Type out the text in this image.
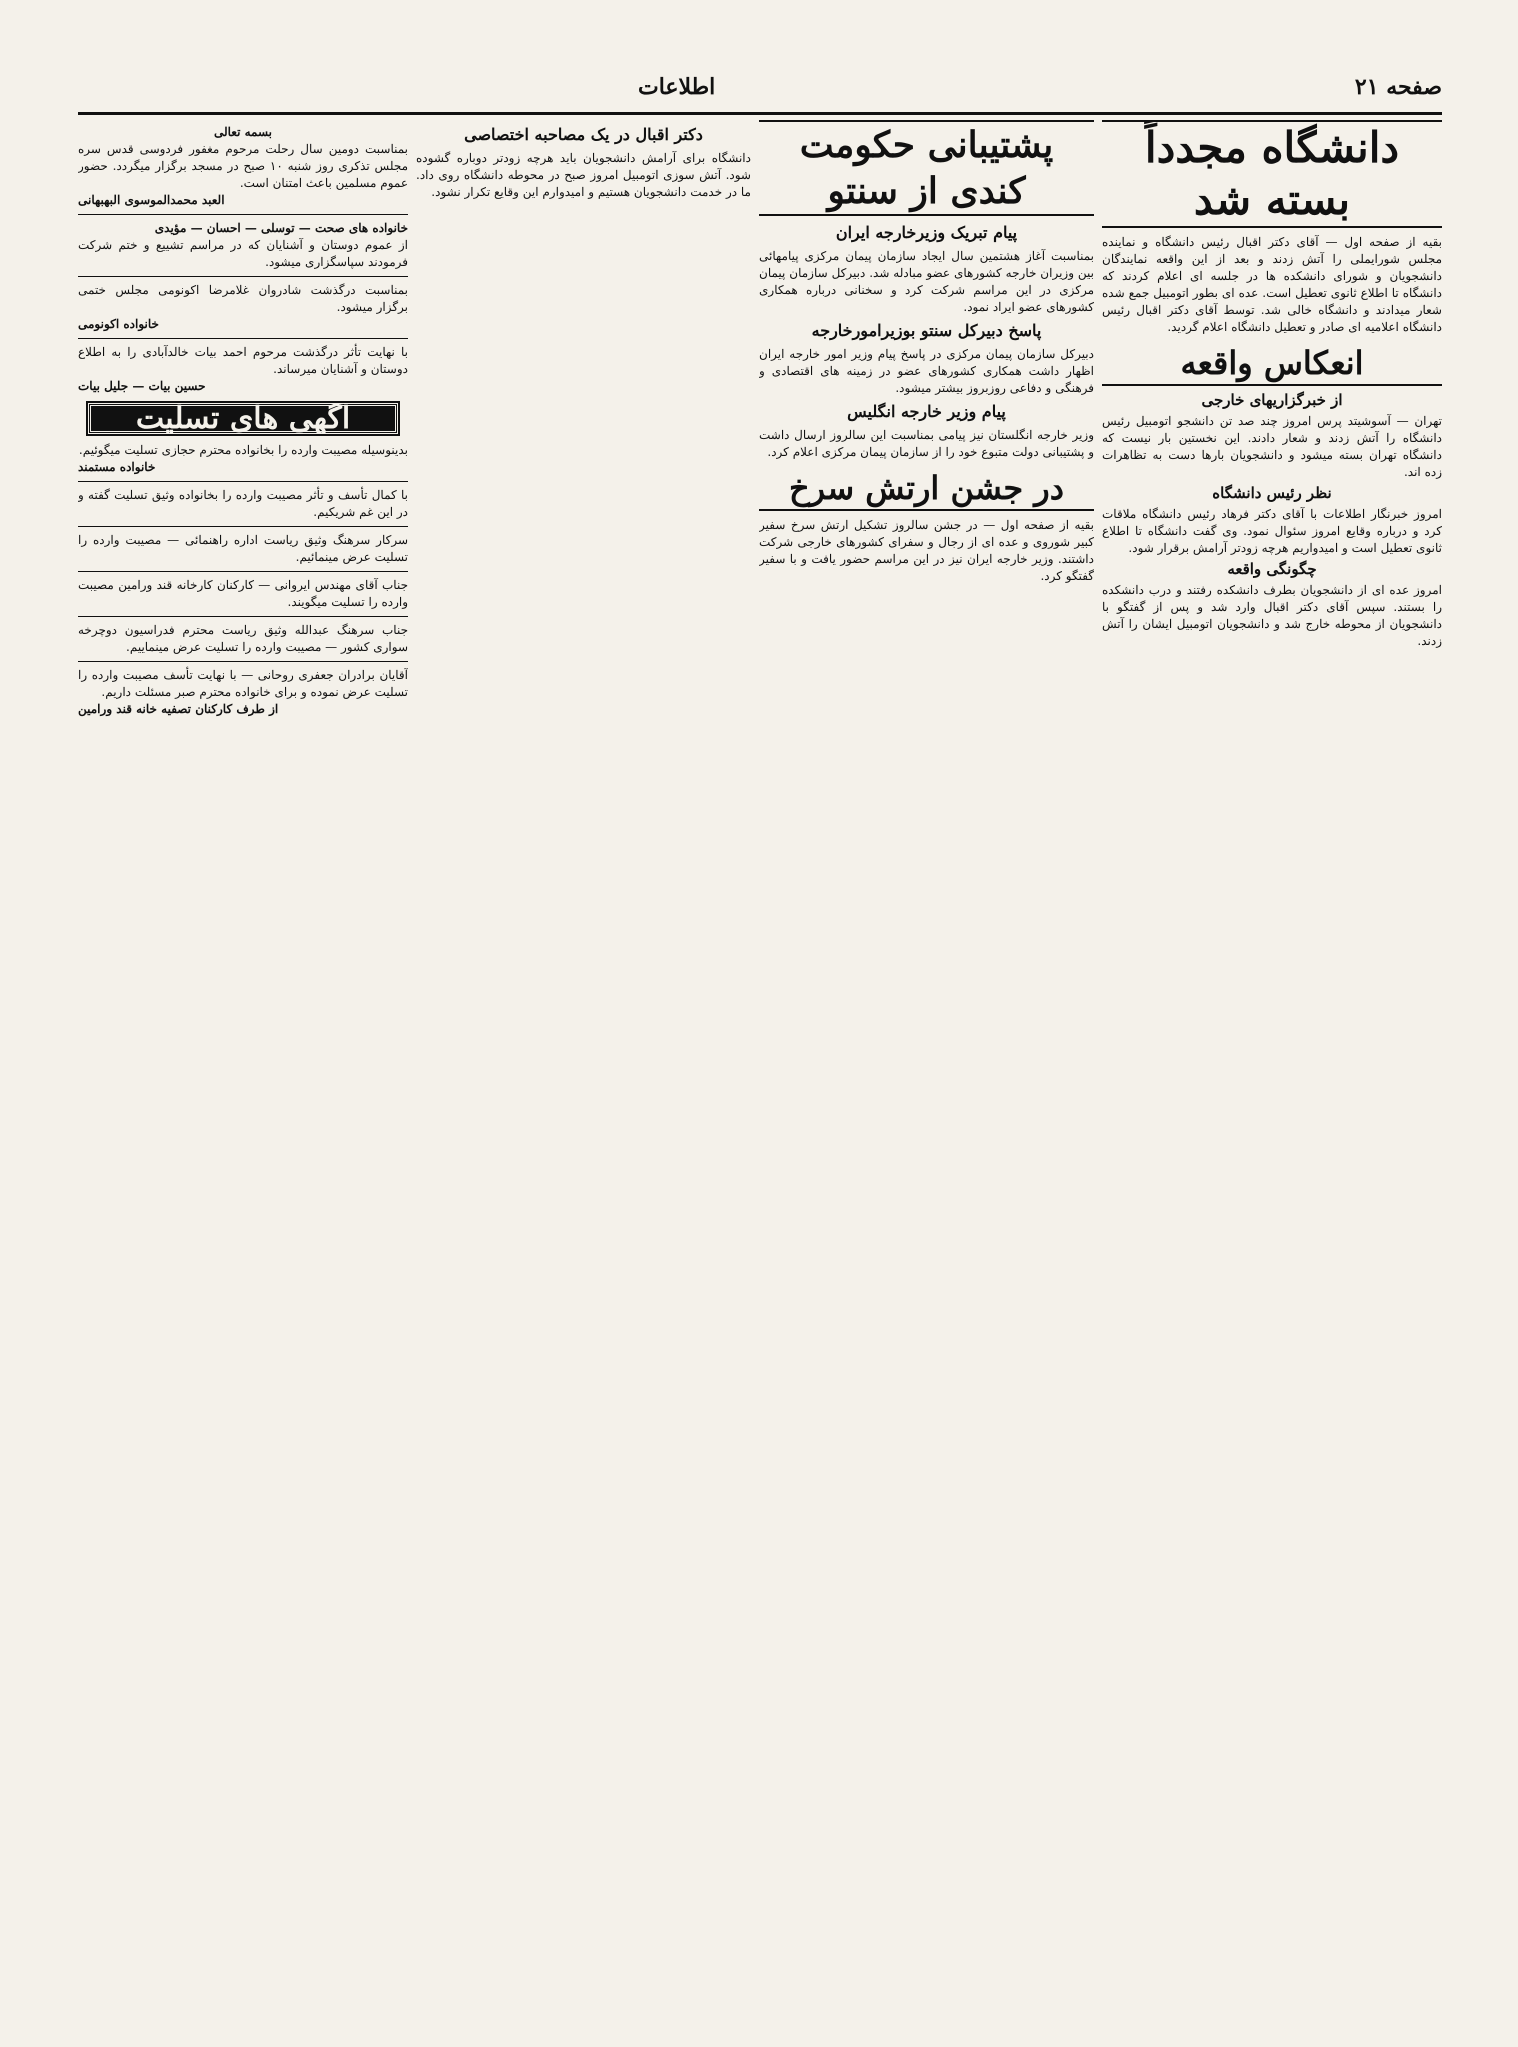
صفحه ۲۱
اطلاعات
دانشگاه مجدداً بسته شد
بقیه از صفحه اول — آقای دکتر اقبال رئیس دانشگاه و نماینده مجلس شورایملی را آتش زدند و بعد از این واقعه نمایندگان دانشجویان و شورای دانشکده ها در جلسه ای اعلام کردند که دانشگاه تا اطلاع ثانوی تعطیل است. عده ای بطور اتومبیل جمع شده شعار میدادند و دانشگاه خالی شد. توسط آقای دکتر اقبال رئیس دانشگاه اعلامیه ای صادر و تعطیل دانشگاه اعلام گردید.
انعکاس واقعه
از خبرگزاریهای خارجی
تهران — آسوشیتد پرس امروز چند صد تن دانشجو اتومبیل رئیس دانشگاه را آتش زدند و شعار دادند. این نخستین بار نیست که دانشگاه تهران بسته میشود و دانشجویان بارها دست به تظاهرات زده اند.
نظر رئیس دانشگاه
امروز خبرنگار اطلاعات با آقای دکتر فرهاد رئیس دانشگاه ملاقات کرد و درباره وقایع امروز سئوال نمود. وی گفت دانشگاه تا اطلاع ثانوی تعطیل است و امیدواریم هرچه زودتر آرامش برقرار شود.
چگونگی واقعه
امروز عده ای از دانشجویان بطرف دانشکده رفتند و درب دانشکده را بستند. سپس آقای دکتر اقبال وارد شد و پس از گفتگو با دانشجویان از محوطه خارج شد و دانشجویان اتومبیل ایشان را آتش زدند.
پشتیبانی حکومت کندی از سنتو
پیام تبریک وزیرخارجه ایران
بمناسبت آغاز هشتمین سال ایجاد سازمان پیمان مرکزی پیامهائی بین وزیران خارجه کشورهای عضو مبادله شد. دبیرکل سازمان پیمان مرکزی در این مراسم شرکت کرد و سخنانی درباره همکاری کشورهای عضو ایراد نمود.
پاسخ دبیرکل سنتو بوزیرامورخارجه
دبیرکل سازمان پیمان مرکزی در پاسخ پیام وزیر امور خارجه ایران اظهار داشت همکاری کشورهای عضو در زمینه های اقتصادی و فرهنگی و دفاعی روزبروز بیشتر میشود.
پیام وزیر خارجه انگلیس
وزیر خارجه انگلستان نیز پیامی بمناسبت این سالروز ارسال داشت و پشتیبانی دولت متبوع خود را از سازمان پیمان مرکزی اعلام کرد.
در جشن ارتش سرخ
بقیه از صفحه اول — در جشن سالروز تشکیل ارتش سرخ سفیر کبیر شوروی و عده ای از رجال و سفرای کشورهای خارجی شرکت داشتند. وزیر خارجه ایران نیز در این مراسم حضور یافت و با سفیر گفتگو کرد.
دکتر اقبال در یک مصاحبه اختصاصی
دانشگاه برای آرامش دانشجویان باید هرچه زودتر دوباره گشوده شود. آتش سوزی اتومبیل امروز صبح در محوطه دانشگاه روی داد. ما در خدمت دانشجویان هستیم و امیدوارم این وقایع تکرار نشود.
بسمه تعالی
بمناسبت دومین سال رحلت مرحوم مغفور فردوسی قدس سره مجلس تذکری روز شنبه ۱۰ صبح در مسجد برگزار میگردد. حضور عموم مسلمین باعث امتنان است.
العبد محمدالموسوی البهبهانی
خانواده های صحت — توسلی — احسان — مؤیدی
از عموم دوستان و آشنایان که در مراسم تشییع و ختم شرکت فرمودند سپاسگزاری میشود.
بمناسبت درگذشت شادروان غلامرضا اکونومی مجلس ختمی برگزار میشود.
خانواده اکونومی
با نهایت تأثر درگذشت مرحوم احمد بیات خالدآبادی را به اطلاع دوستان و آشنایان میرساند.
حسین بیات — جلیل بیات
آگهی های تسلیت
بدینوسیله مصیبت وارده را بخانواده محترم حجازی تسلیت میگوئیم.
خانواده مستمند
با کمال تأسف و تأثر مصیبت وارده را بخانواده وثیق تسلیت گفته و در این غم شریکیم.
سرکار سرهنگ وثیق ریاست اداره راهنمائی — مصیبت وارده را تسلیت عرض مینمائیم.
جناب آقای مهندس ایروانی — کارکنان کارخانه قند ورامین مصیبت وارده را تسلیت میگویند.
جناب سرهنگ عبدالله وثیق ریاست محترم فدراسیون دوچرخه سواری کشور — مصیبت وارده را تسلیت عرض مینماییم.
آقایان برادران جعفری روحانی — با نهایت تأسف مصیبت وارده را تسلیت عرض نموده و برای خانواده محترم صبر مسئلت داریم.
از طرف کارکنان تصفیه خانه قند ورامین
